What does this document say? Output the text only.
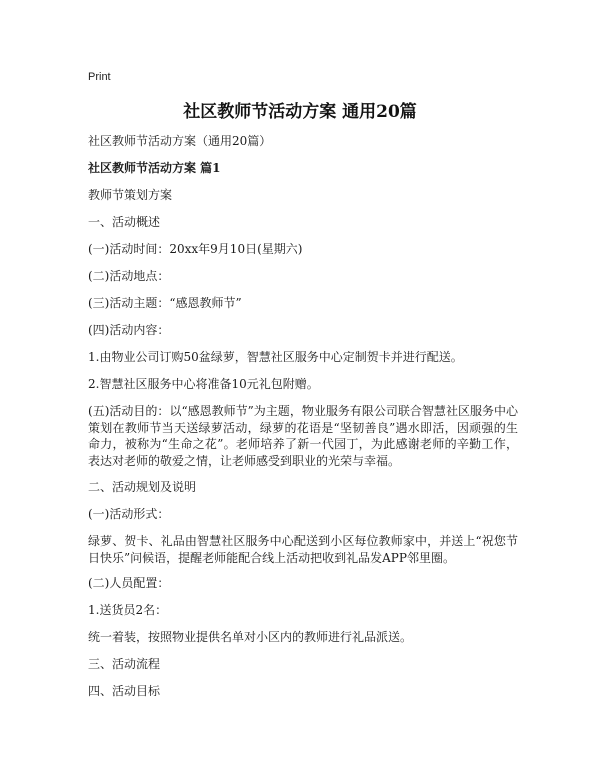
Print
社区教师节活动方案 通用20篇
社区教师节活动方案（通用20篇）
社区教师节活动方案 篇1
教师节策划方案
一、活动概述
(一)活动时间：20xx年9月10日(星期六)
(二)活动地点：
(三)活动主题：“感恩教师节”
(四)活动内容：
1.由物业公司订购50盆绿萝，智慧社区服务中心定制贺卡并进行配送。
2.智慧社区服务中心将准备10元礼包附赠。
(五)活动目的：以“感恩教师节”为主题，物业服务有限公司联合智慧社区服务中心策划在教师节当天送绿萝活动，绿萝的花语是“坚韧善良”遇水即活，因顽强的生命力，被称为“生命之花”。老师培养了新一代园丁，为此感谢老师的辛勤工作，表达对老师的敬爱之情，让老师感受到职业的光荣与幸福。
二、活动规划及说明
(一)活动形式：
绿萝、贺卡、礼品由智慧社区服务中心配送到小区每位教师家中，并送上“祝您节日快乐”问候语，提醒老师能配合线上活动把收到礼品发APP邻里圈。
(二)人员配置：
1.送货员2名：
统一着装，按照物业提供名单对小区内的教师进行礼品派送。
三、活动流程
四、活动目标
